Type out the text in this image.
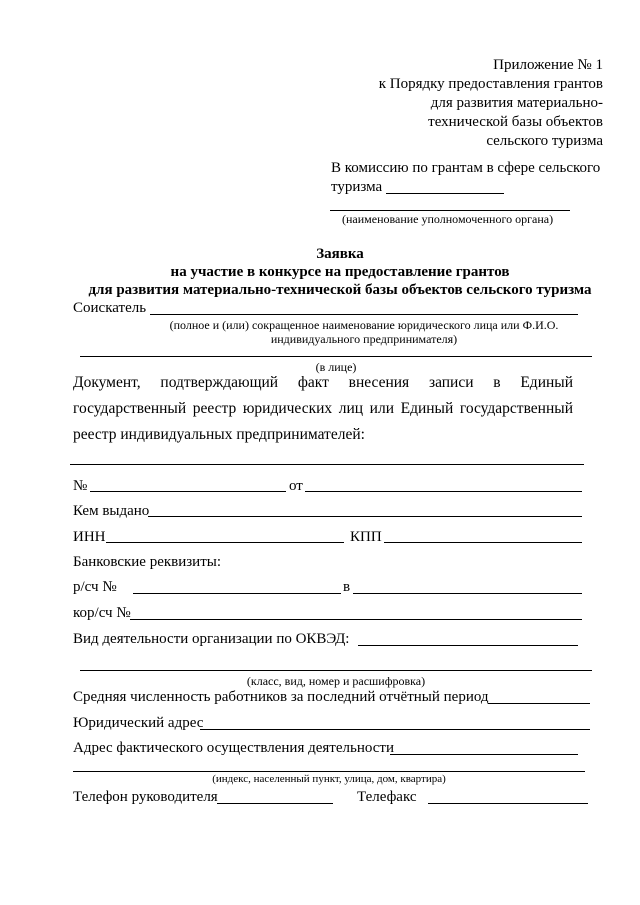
Приложение № 1
к Порядку предоставления грантов
для развития материально-
технической базы объектов
сельского туризма
В комиссию по грантам в сфере сельского
туризма
(наименование уполномоченного органа)
Заявка
на участие в конкурсе на предоставление грантов
для развития материально-технической базы объектов сельского туризма
Соискатель
(полное и (или) сокращенное наименование юридического лица или Ф.И.О.
индивидуального предпринимателя)
(в лице)
Документ, подтверждающий факт внесения записи в Единый государственный реестр юридических лиц или Единый государственный реестр индивидуальных предпринимателей:
№	от
Кем выдано
ИНН	КПП
Банковские реквизиты:
р/сч №	в
кор/сч №
Вид деятельности организации по ОКВЭД:
(класс, вид, номер и расшифровка)
Средняя численность работников за последний отчётный период
Юридический адрес
Адрес фактического осуществления деятельности
(индекс, населенный пункт, улица, дом, квартира)
Телефон руководителя	Телефакс
